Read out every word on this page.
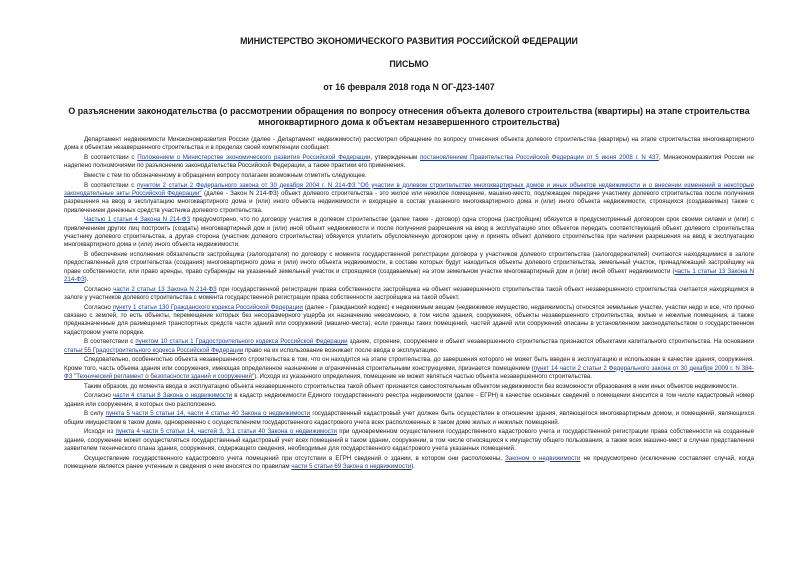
МИНИСТЕРСТВО ЭКОНОМИЧЕСКОГО РАЗВИТИЯ РОССИЙСКОЙ ФЕДЕРАЦИИ
ПИСЬМО
от 16 февраля 2018 года N ОГ-Д23-1407
О разъяснении законодательства (о рассмотрении обращения по вопросу отнесения объекта долевого строительства (квартиры) на этапе строительства многоквартирного дома к объектам незавершенного строительства)

Департамент недвижимости Минэкономразвития России (далее - Департамент недвижимости) рассмотрел обращение по вопросу отнесения объекта долевого строительства (квартиры) на этапе строительства многоквартирного дома к объектам незавершенного строительства и в пределах своей компетенции сообщает.

В соответствии с Положением о Министерстве экономического развития Российской Федерации, утвержденным постановлением Правительства Российской Федерации от 5 июня 2008 г. N 437, Минэкономразвития России не наделено полномочиями по разъяснению законодательства Российской Федерации, а также практики его применения.

Вместе с тем по обозначенному в обращении вопросу полагаем возможным отметить следующее.

В соответствии с пунктом 2 статьи 2 Федерального закона от 30 декабря 2004 г. N 214-ФЗ "Об участии в долевом строительстве многоквартирных домов и иных объектов недвижимости и о внесении изменений в некоторые законодательные акты Российской Федерации" (далее - Закон N 214-ФЗ) объект долевого строительства - это жилое или нежилое помещение, машино-место, подлежащее передаче участнику долевого строительства после получения разрешения на ввод в эксплуатацию многоквартирного дома и (или) иного объекта недвижимости и входящее в состав указанного многоквартирного дома и (или) иного объекта недвижимости, строящихся (создаваемых) также с привлечением денежных средств участника долевого строительства.

Частью 1 статьи 4 Закона N 214-ФЗ предусмотрено, что по договору участия в долевом строительстве (далее также - договор) одна сторона (застройщик) обязуется в предусмотренный договором срок своими силами и (или) с привлечением других лиц построить (создать) многоквартирный дом и (или) иной объект недвижимости и после получения разрешения на ввод в эксплуатацию этих объектов передать соответствующий объект долевого строительства участнику долевого строительства, а другая сторона (участник долевого строительства) обязуется уплатить обусловленную договором цену и принять объект долевого строительства при наличии разрешения на ввод в эксплуатацию многоквартирного дома и (или) иного объекта недвижимости.

В обеспечение исполнения обязательств застройщика (залогодателя) по договору с момента государственной регистрации договора у участников долевого строительства (залогодержателей) считаются находящимися в залоге предоставленный для строительства (создания) многоквартирного дома и (или) иного объекта недвижимости, в составе которых будут находиться объекты долевого строительства, земельный участок, принадлежащий застройщику на праве собственности, или право аренды, право субаренды на указанный земельный участок и строящиеся (создаваемые) на этом земельном участке многоквартирный дом и (или) иной объект недвижимости (часть 1 статьи 13 Закона N 214-ФЗ).

Согласно части 2 статьи 13 Закона N 214-ФЗ при государственной регистрации права собственности застройщика на объект незавершенного строительства такой объект незавершенного строительства считается находящимся в залоге у участников долевого строительства с момента государственной регистрации права собственности застройщика на такой объект.

Согласно пункту 1 статьи 130 Гражданского кодекса Российской Федерации (далее - Гражданский кодекс) к недвижимым вещам (недвижимое имущество, недвижимость) относятся земельные участки, участки недр и все, что прочно связано с землей, то есть объекты, перемещение которых без несоразмерного ущерба их назначению невозможно, в том числе здания, сооружения, объекты незавершенного строительства, жилые и нежилые помещения, а также предназначенные для размещения транспортных средств части зданий или сооружений (машино-места), если границы таких помещений, частей зданий или сооружений описаны в установленном законодательством о государственном кадастровом учете порядке.

В соответствии с пунктом 10 статьи 1 Градостроительного кодекса Российской Федерации здание, строение, сооружение и объект незавершенного строительства признаются объектами капитального строительства. На основании статьи 55 Градостроительного кодекса Российской Федерации право на их использование возникает после ввода в эксплуатацию.

Следовательно, особенностью объекта незавершенного строительства в том, что он находится на этапе строительства, до завершения которого не может быть введен в эксплуатацию и использован в качестве здания, сооружения. Кроме того, часть объема здания или сооружения, имеющая определенное назначение и ограниченная строительными конструкциями, признается помещением (пункт 14 части 2 статьи 2 Федерального закона от 30 декабря 2009 г. N 384-ФЗ "Технический регламент о безопасности зданий и сооружений"). Исходя из указанного определения, помещение не может являться частью объекта незавершенного строительства.

Таким образом, до момента ввода в эксплуатацию объекта незавершенного строительства такой объект признается самостоятельным объектом недвижимости без возможности образования в нем иных объектов недвижимости.

Согласно части 4 статьи 8 Закона о недвижимости в кадастр недвижимости Единого государственного реестра недвижимости (далее - ЕГРН) в качестве основных сведений о помещении вносится в том числе кадастровый номер здания или сооружения, в которых оно расположено.

В силу пункта 5 части 5 статьи 14, части 4 статьи 40 Закона о недвижимости государственный кадастровый учет должен быть осуществлен в отношении здания, являющегося многоквартирным домом, и помещений, являющихся общим имуществом в таком доме, одновременно с осуществлением государственного кадастрового учета всех расположенных в таком доме жилых и нежилых помещений.

Исходя из пункта 4 части 5 статьи 14, частей 3, 3.1 статьи 40 Закона о недвижимости при одновременном осуществлении государственного кадастрового учета и государственной регистрации права собственности на созданные здание, сооружение может осуществляться государственный кадастровый учет всех помещений в таком здании, сооружении, в том числе относящихся к имуществу общего пользования, а также всех машино-мест в случае представления заявителем технического плана здания, сооружения, содержащего сведения, необходимые для государственного кадастрового учета указанных помещений.

Осуществление государственного кадастрового учета помещений при отсутствии в ЕГРН сведений о здании, в котором они расположены, Законом о недвижимости не предусмотрено (исключение составляет случай, когда помещение является ранее учтенным и сведения о нем вносятся по правилам части 5 статьи 69 Закона о недвижимости).
